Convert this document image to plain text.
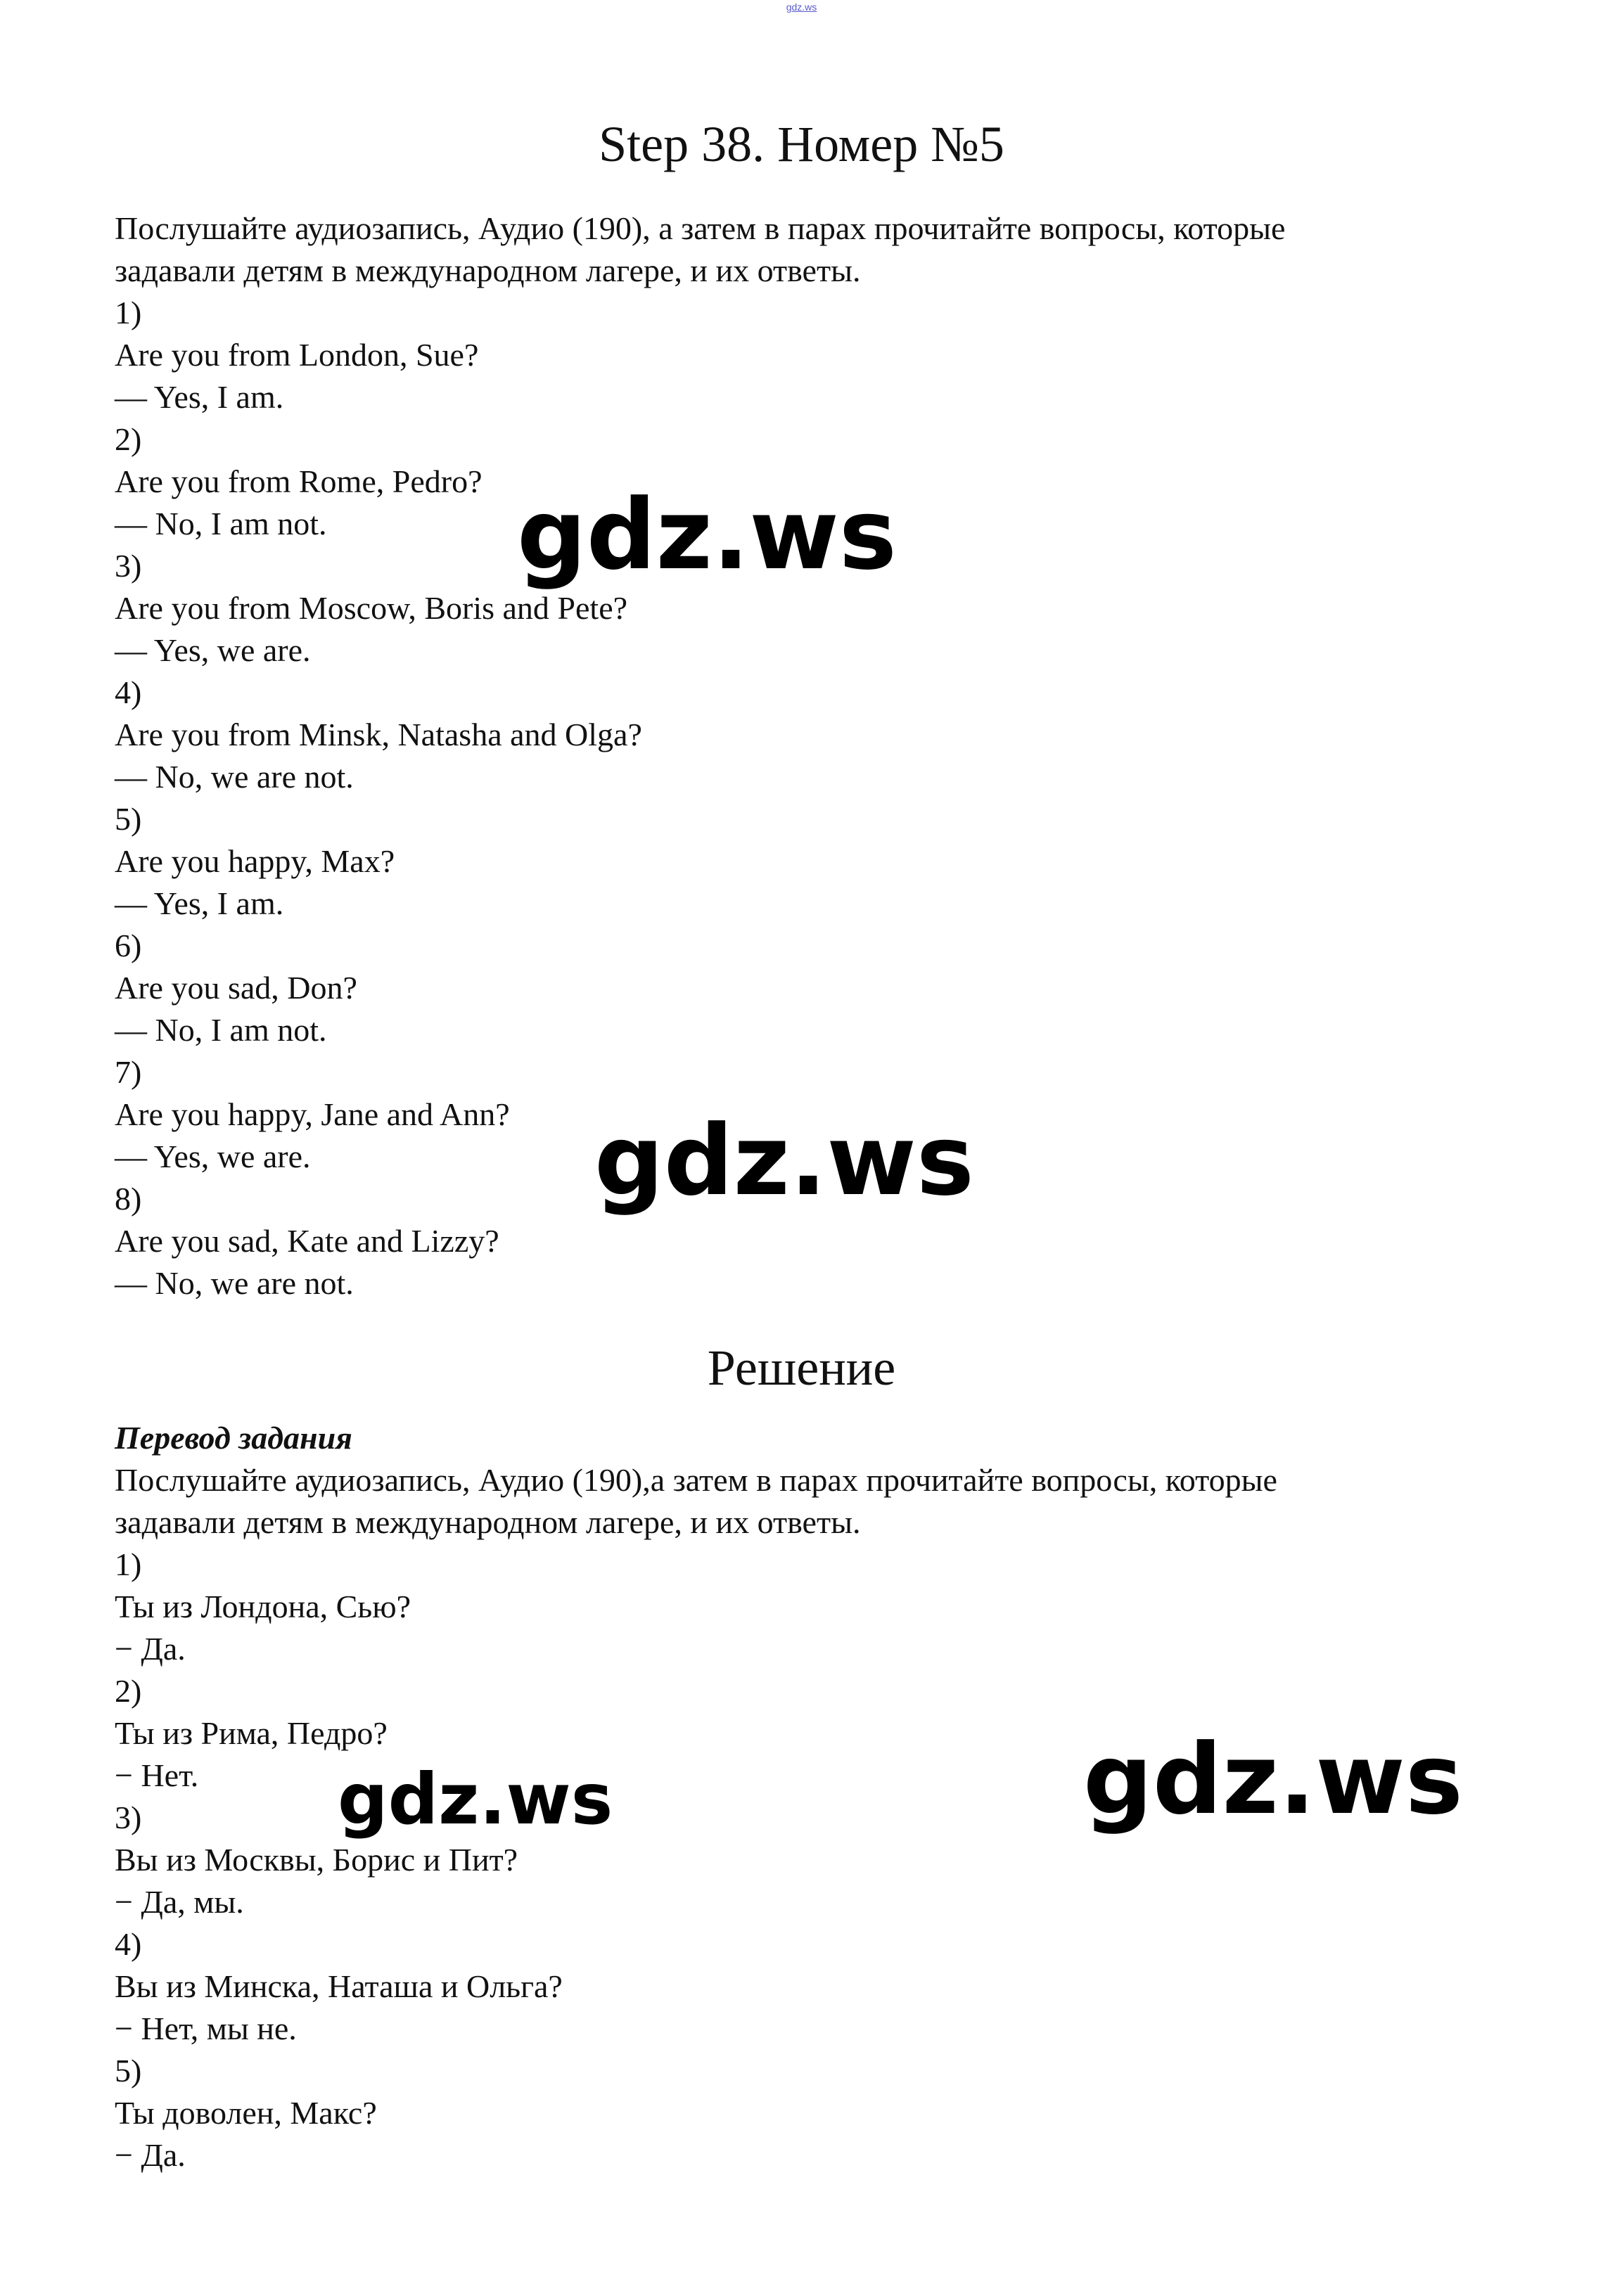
gdz.ws
Step 38. Номер №5
Послушайте аудиозапись, Аудио (190), а затем в парах прочитайте вопросы, которые
задавали детям в международном лагере, и их ответы.
1)
Are you from London, Sue?
— Yes, I am.
2)
Are you from Rome, Pedro?
— No, I am not.
3)
Are you from Moscow, Boris and Pete?
— Yes, we are.
4)
Are you from Minsk, Natasha and Olga?
— No, we are not.
5)
Are you happy, Max?
— Yes, I am.
6)
Are you sad, Don?
— No, I am not.
7)
Are you happy, Jane and Ann?
— Yes, we are.
8)
Are you sad, Kate and Lizzy?
— No, we are not.
Решение
Перевод задания
Послушайте аудиозапись, Аудио (190),а затем в парах прочитайте вопросы, которые
задавали детям в международном лагере, и их ответы.
1)
Ты из Лондона, Сью?
− Да.
2)
Ты из Рима, Педро?
− Нет.
3)
Вы из Москвы, Борис и Пит?
− Да, мы.
4)
Вы из Минска, Наташа и Ольга?
− Нет, мы не.
5)
Ты доволен, Макс?
− Да.
gdz.ws
gdz.ws
gdz.ws	gdz.ws
